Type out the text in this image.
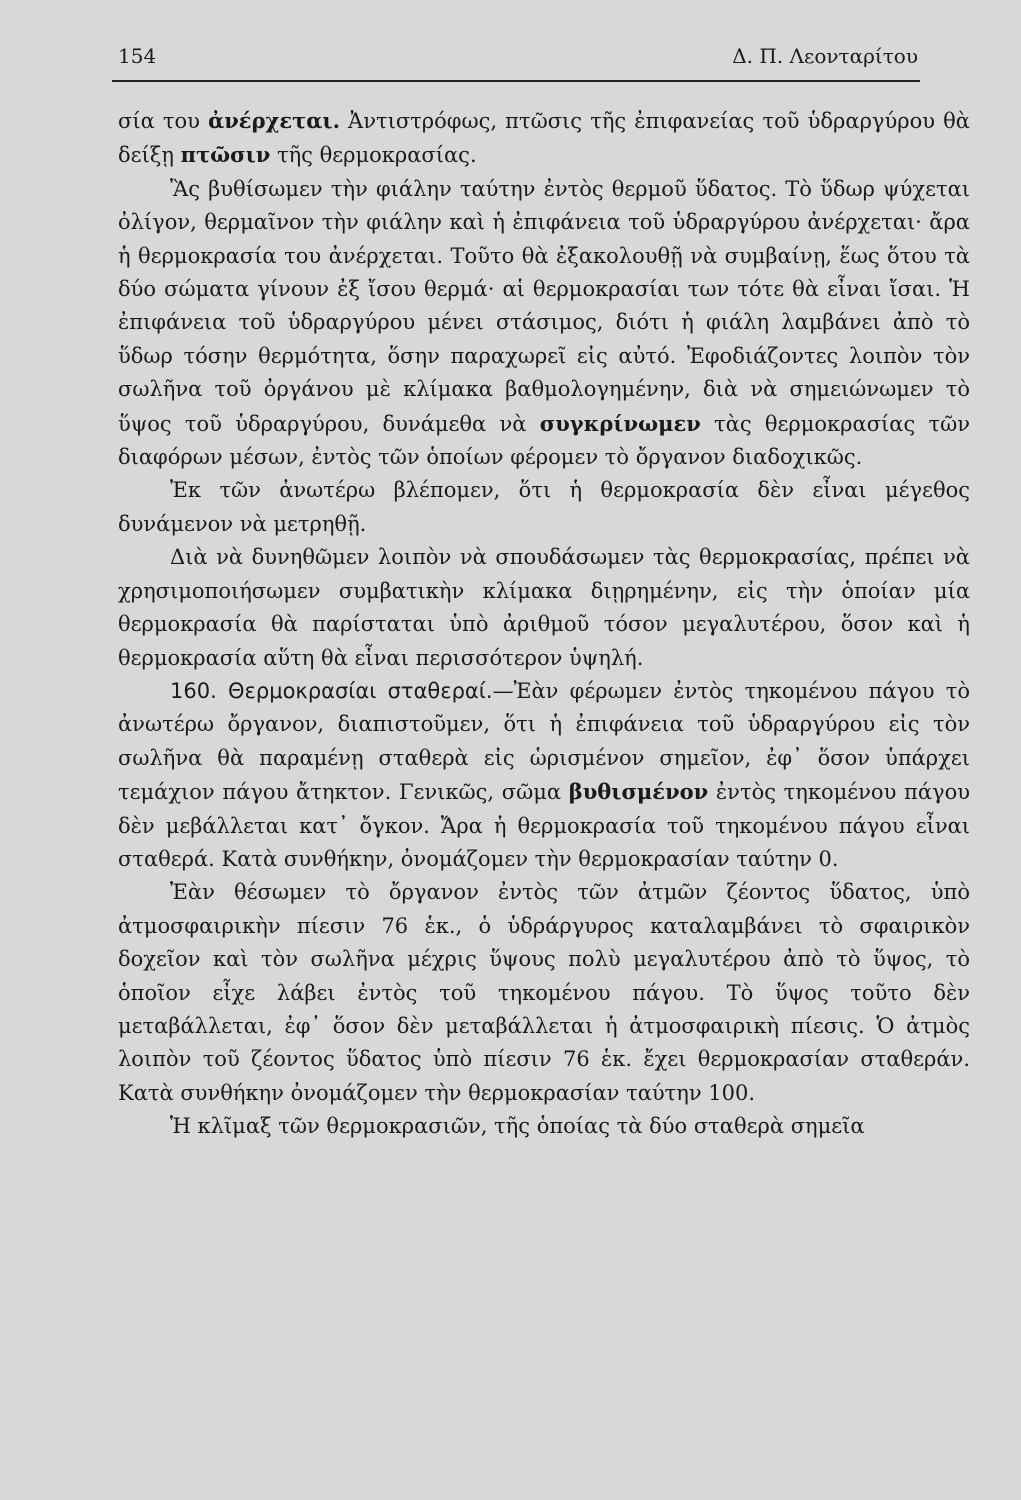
154	Δ. Π. Λεονταρίτου

σία του ἀνέρχεται. Ἀντιστρόφως, πτῶσις τῆς ἐπιφανείας τοῦ ὑδραργύρου θὰ δείξῃ πτῶσιν τῆς θερμοκρασίας.

Ἂς βυθίσωμεν τὴν φιάλην ταύτην ἐντὸς θερμοῦ ὕδατος. Τὸ ὕδωρ ψύχεται ὀλίγον, θερμαῖνον τὴν φιάλην καὶ ἡ ἐπιφάνεια τοῦ ὑδραργύρου ἀνέρχεται· ἄρα ἡ θερμοκρασία του ἀνέρχεται. Τοῦτο θὰ ἐξακολουθῇ νὰ συμβαίνῃ, ἕως ὅτου τὰ δύο σώματα γίνουν ἐξ ἴσου θερμά· αἱ θερμοκρασίαι των τότε θὰ εἶναι ἴσαι. Ἡ ἐπιφάνεια τοῦ ὑδραργύρου μένει στάσιμος, διότι ἡ φιάλη λαμβάνει ἀπὸ τὸ ὕδωρ τόσην θερμότητα, ὅσην παραχωρεῖ εἰς αὐτό. Ἐφοδιάζοντες λοιπὸν τὸν σωλῆνα τοῦ ὀργάνου μὲ κλίμακα βαθμολογημένην, διὰ νὰ σημειώνωμεν τὸ ὕψος τοῦ ὑδραργύρου, δυνάμεθα νὰ συγκρίνωμεν τὰς θερμοκρασίας τῶν διαφόρων μέσων, ἐντὸς τῶν ὁποίων φέρομεν τὸ ὄργανον διαδοχικῶς.

Ἐκ τῶν ἀνωτέρω βλέπομεν, ὅτι ἡ θερμοκρασία δὲν εἶναι μέγεθος δυνάμενον νὰ μετρηθῇ.

Διὰ νὰ δυνηθῶμεν λοιπὸν νὰ σπουδάσωμεν τὰς θερμοκρασίας, πρέπει νὰ χρησιμοποιήσωμεν συμβατικὴν κλίμακα διῃρημένην, εἰς τὴν ὁποίαν μία θερμοκρασία θὰ παρίσταται ὑπὸ ἀριθμοῦ τόσον μεγαλυτέρου, ὅσον καὶ ἡ θερμοκρασία αὕτη θὰ εἶναι περισσότερον ὑψηλή.

160. Θερμοκρασίαι σταθεραί.—Ἐὰν φέρωμεν ἐντὸς τηκομένου πάγου τὸ ἀνωτέρω ὄργανον, διαπιστοῦμεν, ὅτι ἡ ἐπιφάνεια τοῦ ὑδραργύρου εἰς τὸν σωλῆνα θὰ παραμένῃ σταθερὰ εἰς ὡρισμένον σημεῖον, ἐφ᾽ ὅσον ὑπάρχει τεμάχιον πάγου ἄτηκτον. Γενικῶς, σῶμα βυθισμένον ἐντὸς τηκομένου πάγου δὲν μεβάλλεται κατ᾽ ὄγκον. Ἄρα ἡ θερμοκρασία τοῦ τηκομένου πάγου εἶναι σταθερά. Κατὰ συνθήκην, ὀνομάζομεν τὴν θερμοκρασίαν ταύτην 0.

Ἐὰν θέσωμεν τὸ ὄργανον ἐντὸς τῶν ἀτμῶν ζέοντος ὕδατος, ὑπὸ ἀτμοσφαιρικὴν πίεσιν 76 ἑκ., ὁ ὑδράργυρος καταλαμβάνει τὸ σφαιρικὸν δοχεῖον καὶ τὸν σωλῆνα μέχρις ὕψους πολὺ μεγαλυτέρου ἀπὸ τὸ ὕψος, τὸ ὁποῖον εἶχε λάβει ἐντὸς τοῦ τηκομένου πάγου. Τὸ ὕψος τοῦτο δὲν μεταβάλλεται, ἐφ᾽ ὅσον δὲν μεταβάλλεται ἡ ἀτμοσφαιρικὴ πίεσις. Ὁ ἀτμὸς λοιπὸν τοῦ ζέοντος ὕδατος ὑπὸ πίεσιν 76 ἑκ. ἔχει θερμοκρασίαν σταθεράν. Κατὰ συνθήκην ὀνομάζομεν τὴν θερμοκρασίαν ταύτην 100.

Ἡ κλῖμαξ τῶν θερμοκρασιῶν, τῆς ὁποίας τὰ δύο σταθερὰ σημεῖα
